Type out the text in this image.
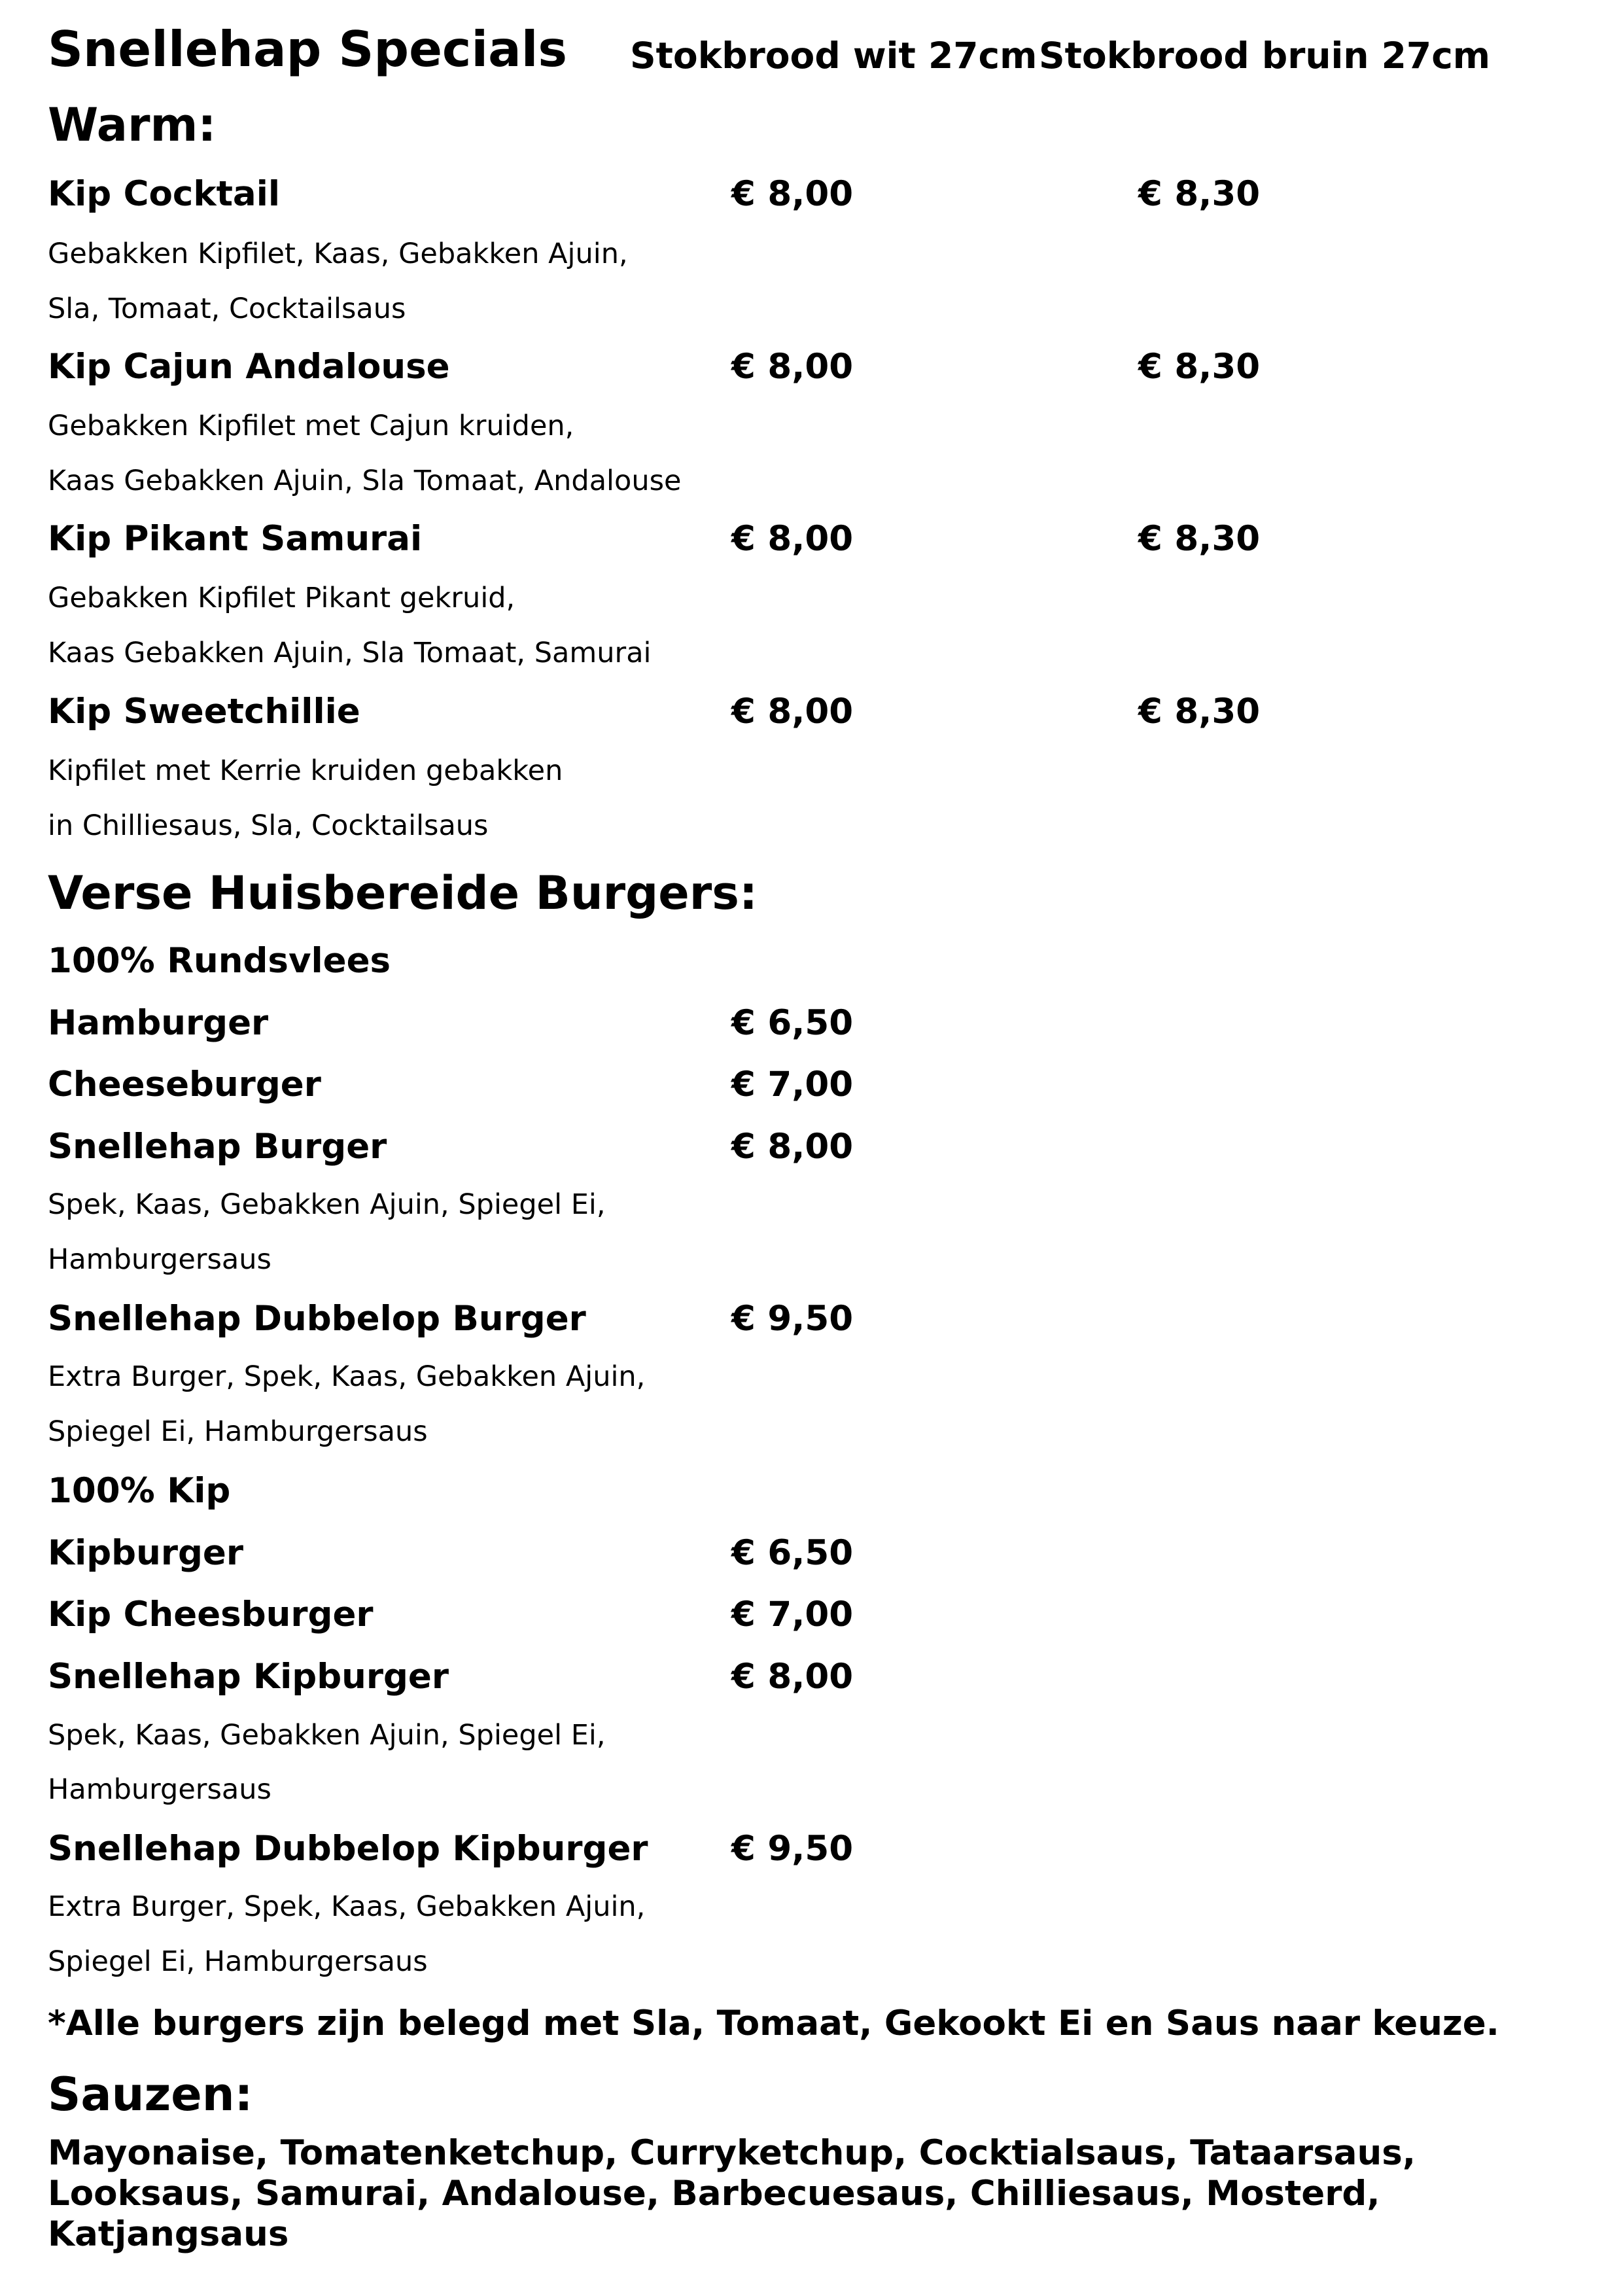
Snellehap Specials	Stokbrood wit 27cm Stokbrood bruin 27cm
Warm:
Kip Cocktail	€ 8,00	€ 8,30
Gebakken Kipfilet, Kaas, Gebakken Ajuin,
Sla, Tomaat, Cocktailsaus
Kip Cajun Andalouse	€ 8,00	€ 8,30
Gebakken Kipfilet met Cajun kruiden,
Kaas Gebakken Ajuin, Sla Tomaat, Andalouse
Kip Pikant Samurai	€ 8,00	€ 8,30
Gebakken Kipfilet Pikant gekruid,
Kaas Gebakken Ajuin, Sla Tomaat, Samurai
Kip Sweetchillie	€ 8,00	€ 8,30
Kipfilet met Kerrie kruiden gebakken
in Chilliesaus, Sla, Cocktailsaus
Verse Huisbereide Burgers:
100% Rundsvlees
Hamburger	€ 6,50
Cheeseburger	€ 7,00
Snellehap Burger	€ 8,00
Spek, Kaas, Gebakken Ajuin, Spiegel Ei,
Hamburgersaus
Snellehap Dubbelop Burger	€ 9,50
Extra Burger, Spek, Kaas, Gebakken Ajuin,
Spiegel Ei, Hamburgersaus
100% Kip
Kipburger	€ 6,50
Kip Cheesburger	€ 7,00
Snellehap Kipburger	€ 8,00
Spek, Kaas, Gebakken Ajuin, Spiegel Ei,
Hamburgersaus
Snellehap Dubbelop Kipburger € 9,50
Extra Burger, Spek, Kaas, Gebakken Ajuin,
Spiegel Ei, Hamburgersaus
*Alle burgers zijn belegd met Sla, Tomaat, Gekookt Ei en Saus naar keuze.
Sauzen:
Mayonaise, Tomatenketchup, Curryketchup, Cocktialsaus, Tataarsaus, Looksaus, Samurai, Andalouse, Barbecuesaus, Chilliesaus, Mosterd, Katjangsaus
